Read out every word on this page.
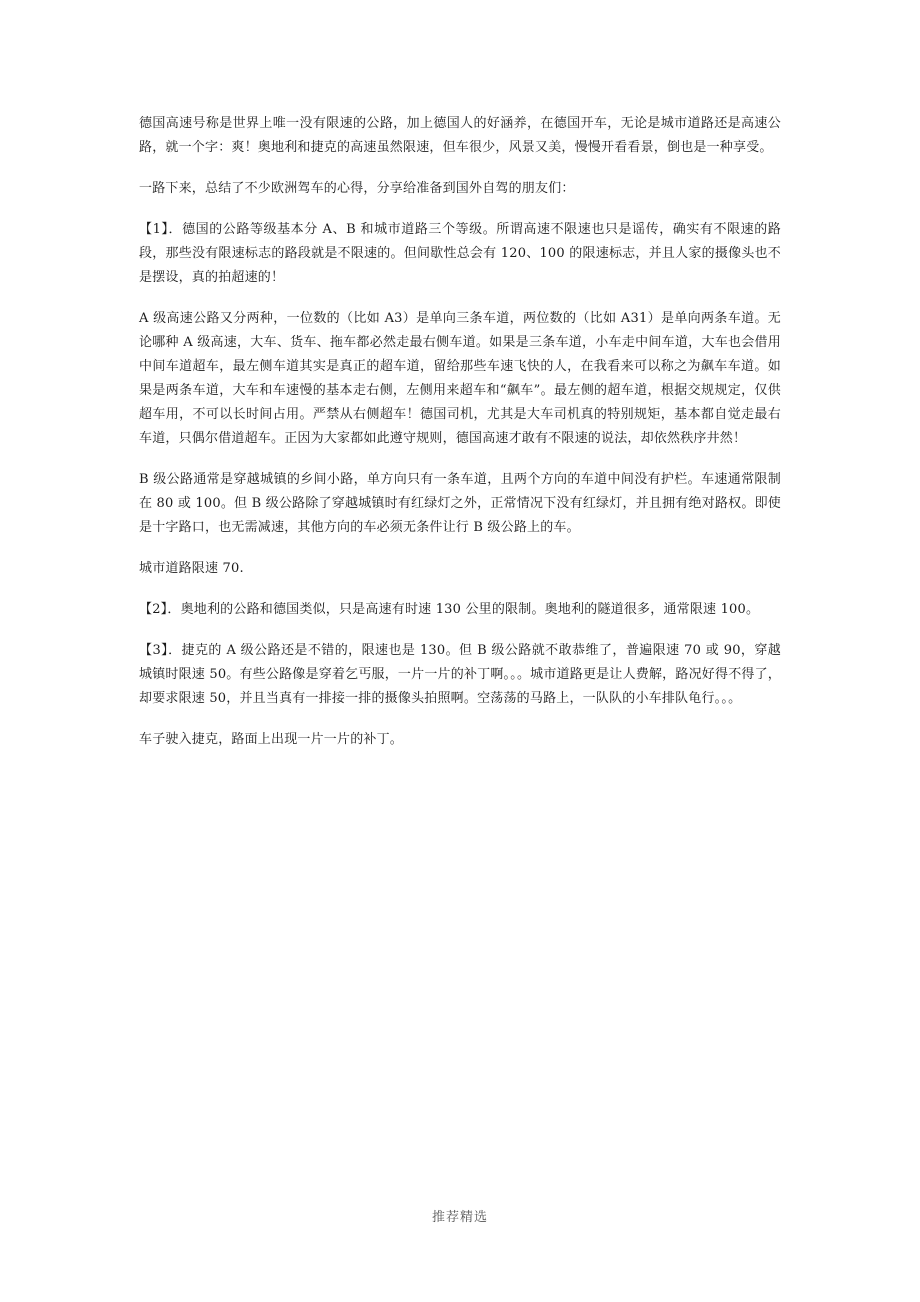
德国高速号称是世界上唯一没有限速的公路，加上德国人的好涵养，在德国开车，无论是城市道路还是高速公路，就一个字：爽！奥地利和捷克的高速虽然限速，但车很少，风景又美，慢慢开看看景，倒也是一种享受。

一路下来，总结了不少欧洲驾车的心得，分享给准备到国外自驾的朋友们：

【1】．德国的公路等级基本分 A、B 和城市道路三个等级。所谓高速不限速也只是谣传，确实有不限速的路段，那些没有限速标志的路段就是不限速的。但间歇性总会有 120、100 的限速标志，并且人家的摄像头也不是摆设，真的拍超速的！

A 级高速公路又分两种，一位数的（比如 A3）是单向三条车道，两位数的（比如 A31）是单向两条车道。无论哪种 A 级高速，大车、货车、拖车都必然走最右侧车道。如果是三条车道，小车走中间车道，大车也会借用中间车道超车，最左侧车道其实是真正的超车道，留给那些车速飞快的人，在我看来可以称之为飙车车道。如果是两条车道，大车和车速慢的基本走右侧，左侧用来超车和“飙车”。最左侧的超车道，根据交规规定，仅供超车用，不可以长时间占用。严禁从右侧超车！德国司机，尤其是大车司机真的特别规矩，基本都自觉走最右车道，只偶尔借道超车。正因为大家都如此遵守规则，德国高速才敢有不限速的说法，却依然秩序井然！

B 级公路通常是穿越城镇的乡间小路，单方向只有一条车道，且两个方向的车道中间没有护栏。车速通常限制在 80 或 100。但 B 级公路除了穿越城镇时有红绿灯之外，正常情况下没有红绿灯，并且拥有绝对路权。即使是十字路口，也无需减速，其他方向的车必须无条件让行 B 级公路上的车。

城市道路限速 70.

【2】．奥地利的公路和德国类似，只是高速有时速 130 公里的限制。奥地利的隧道很多，通常限速 100。

【3】．捷克的 A 级公路还是不错的，限速也是 130。但 B 级公路就不敢恭维了，普遍限速 70 或 90，穿越城镇时限速 50。有些公路像是穿着乞丐服，一片一片的补丁啊。。。城市道路更是让人费解，路况好得不得了，却要求限速 50，并且当真有一排接一排的摄像头拍照啊。空荡荡的马路上，一队队的小车排队龟行。。。

车子驶入捷克，路面上出现一片一片的补丁。

推荐精选
